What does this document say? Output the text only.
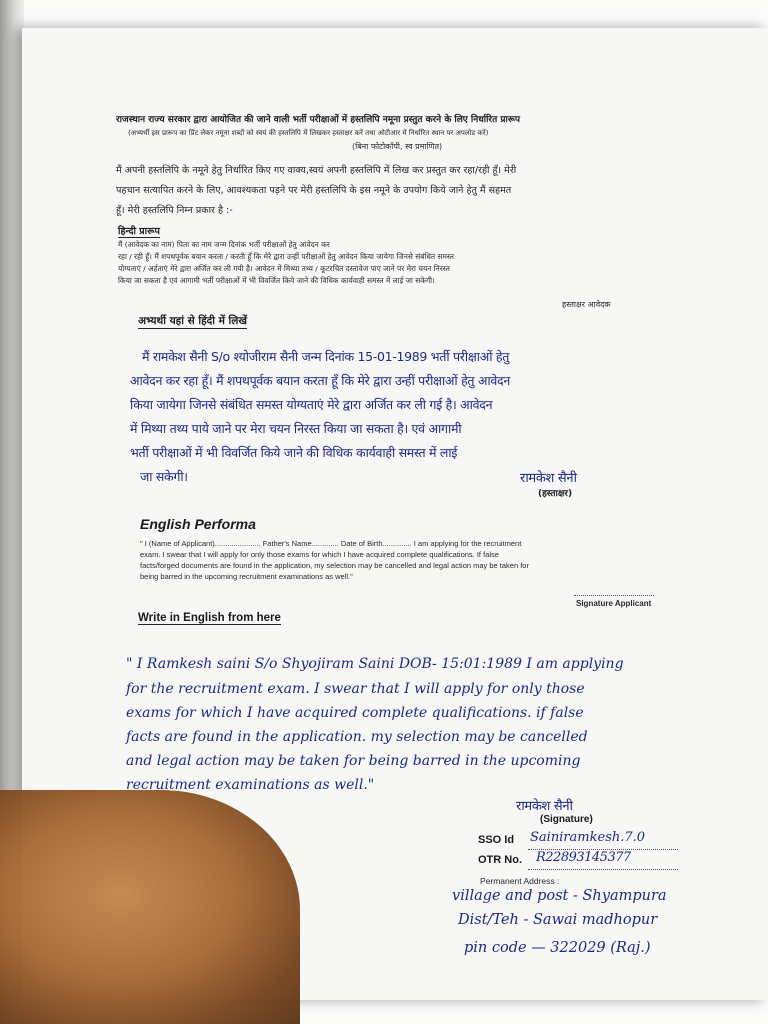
राजस्थान राज्य सरकार द्वारा आयोजित की जाने वाली भर्ती परीक्षाओं में हस्तलिपि नमूना प्रस्तुत करने के लिए निर्धारित प्रारूप
(अभ्यर्थी इस प्रारूप का प्रिंट लेकर नमूना शब्दों को स्वयं की हस्तलिपि में लिखकर हस्ताक्षर करें तथा ओटीआर में निर्धारित स्थान पर अपलोड करें)
(बिना फोटोकॉपी, स्व प्रमाणित)
मैं अपनी हस्तलिपि के नमूने हेतु निर्धारित किए गए वाक्य,स्वयं अपनी हस्तलिपि में लिख कर प्रस्तुत कर रहा/रही हूँ। मेरी
पहचान सत्यापित करने के लिए, आवश्यकता पड़ने पर मेरी हस्तलिपि के इस नमूने के उपयोग किये जाने हेतु मैं सहमत
हूँ। मेरी हस्तलिपि निम्न प्रकार है :-
हिन्दी प्रारूप
मैं (आवेदक का नाम) पिता का नाम जन्म दिनांक भर्ती परीक्षाओं हेतु आवेदन कर
रहा / रही हूँ। मैं शपथपूर्वक बयान करता / करती हूँ कि मेरे द्वारा उन्हीं परीक्षाओं हेतु आवेदन किया जायेगा जिनसे संबंधित समस्त
योग्यताएं / अर्हताएं मेरे द्वारा अर्जित कर ली गयी है। आवेदन में मिथ्या तथ्य / कूटरचित दस्तावेज पाए जाने पर मेरा चयन निरस्त
किया जा सकता है एवं आगामी भर्ती परीक्षाओं में भी विवर्जित किये जाने की विधिक कार्यवाही समस्त में लाई जा सकेगी।
हस्ताक्षर आवेदक
अभ्यर्थी यहां से हिंदी में लिखें
मैं रामकेश सैनी S/o श्योजीराम सैनी जन्म दिनांक 15-01-1989 भर्ती परीक्षाओं हेतु
आवेदन कर रहा हूँ। मैं शपथपूर्वक बयान करता हूँ कि मेरे द्वारा उन्हीं परीक्षाओं हेतु आवेदन
किया जायेगा जिनसे संबंधित समस्त योग्यताएं मेरे द्वारा अर्जित कर ली गई है। आवेदन
में मिथ्या तथ्य पाये जाने पर मेरा चयन निरस्त किया जा सकता है। एवं आगामी
भर्ती परीक्षाओं में भी विवर्जित किये जाने की विधिक कार्यवाही समस्त में लाई
जा सकेगी।	रामकेश सैनी
(हस्ताक्षर)
English Performa
" I (Name of Applicant)...................... Father's Name............. Date of Birth.............. I am applying for the recruitment
exam. I swear that I will apply for only those exams for which I have acquired complete qualifications. If false
facts/forged documents are found in the application, my selection may be cancelled and legal action may be taken for
being barred in the upcoming recruitment examinations as well."
Signature Applicant
Write in English from here
" I Ramkesh saini S/o Shyojiram Saini DOB- 15:01:1989 I am applying
for the recruitment exam. I swear that I will apply for only those
exams for which I have acquired complete qualifications. if false
facts are found in the application. my selection may be cancelled
and legal action may be taken for being barred in the upcoming
recruitment examinations as well."
रामकेश सैनी
(Signature)
SSO Id Sainiramkesh.7.0
OTR No. R22893145377
Permanent Address :
village and post - Shyampura
Dist/Teh - Sawai madhopur
pin code — 322029 (Raj.)
